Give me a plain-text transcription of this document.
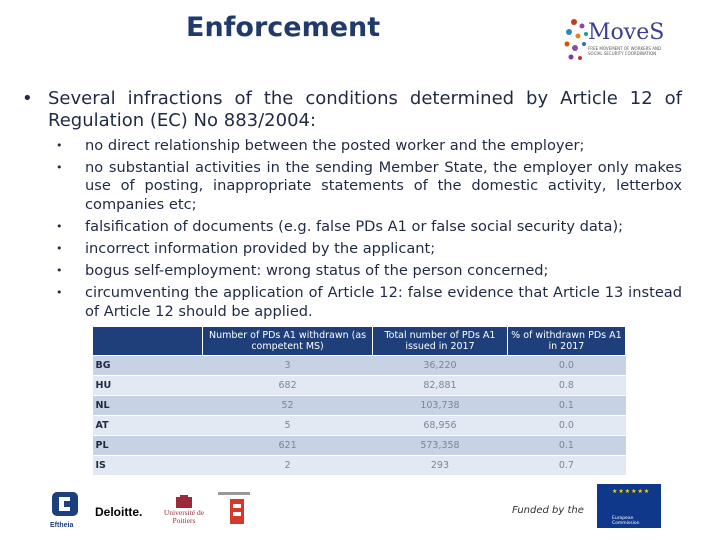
Enforcement	MoveS
FREE MOVEMENT OF WORKERS AND SOCIAL SECURITY COORDINATION
• Several infractions of the conditions determined by Article 12 of Regulation (EC) No 883/2004:
• no direct relationship between the posted worker and the employer;
• no substantial activities in the sending Member State, the employer only makes use of posting, inappropriate statements of the domestic activity, letterbox companies etc;
• falsification of documents (e.g. false PDs A1 or false social security data);
• incorrect information provided by the applicant;
• bogus self-employment: wrong status of the person concerned;
• circumventing the application of Article 12: false evidence that Article 13 instead of Article 12 should be applied.
	Number of PDs A1 withdrawn (as competent MS)	Total number of PDs A1 issued in 2017	% of withdrawn PDs A1 in 2017
BG	3	36,220	0.0
HU	682	82,881	0.8
NL	52	103,738	0.1
AT	5	68,956	0.0
PL	621	573,358	0.1
IS	2	293	0.7
Eftheia
Deloitte.	Université de Poitiers
Funded by the
★★★★★★
European Commission
